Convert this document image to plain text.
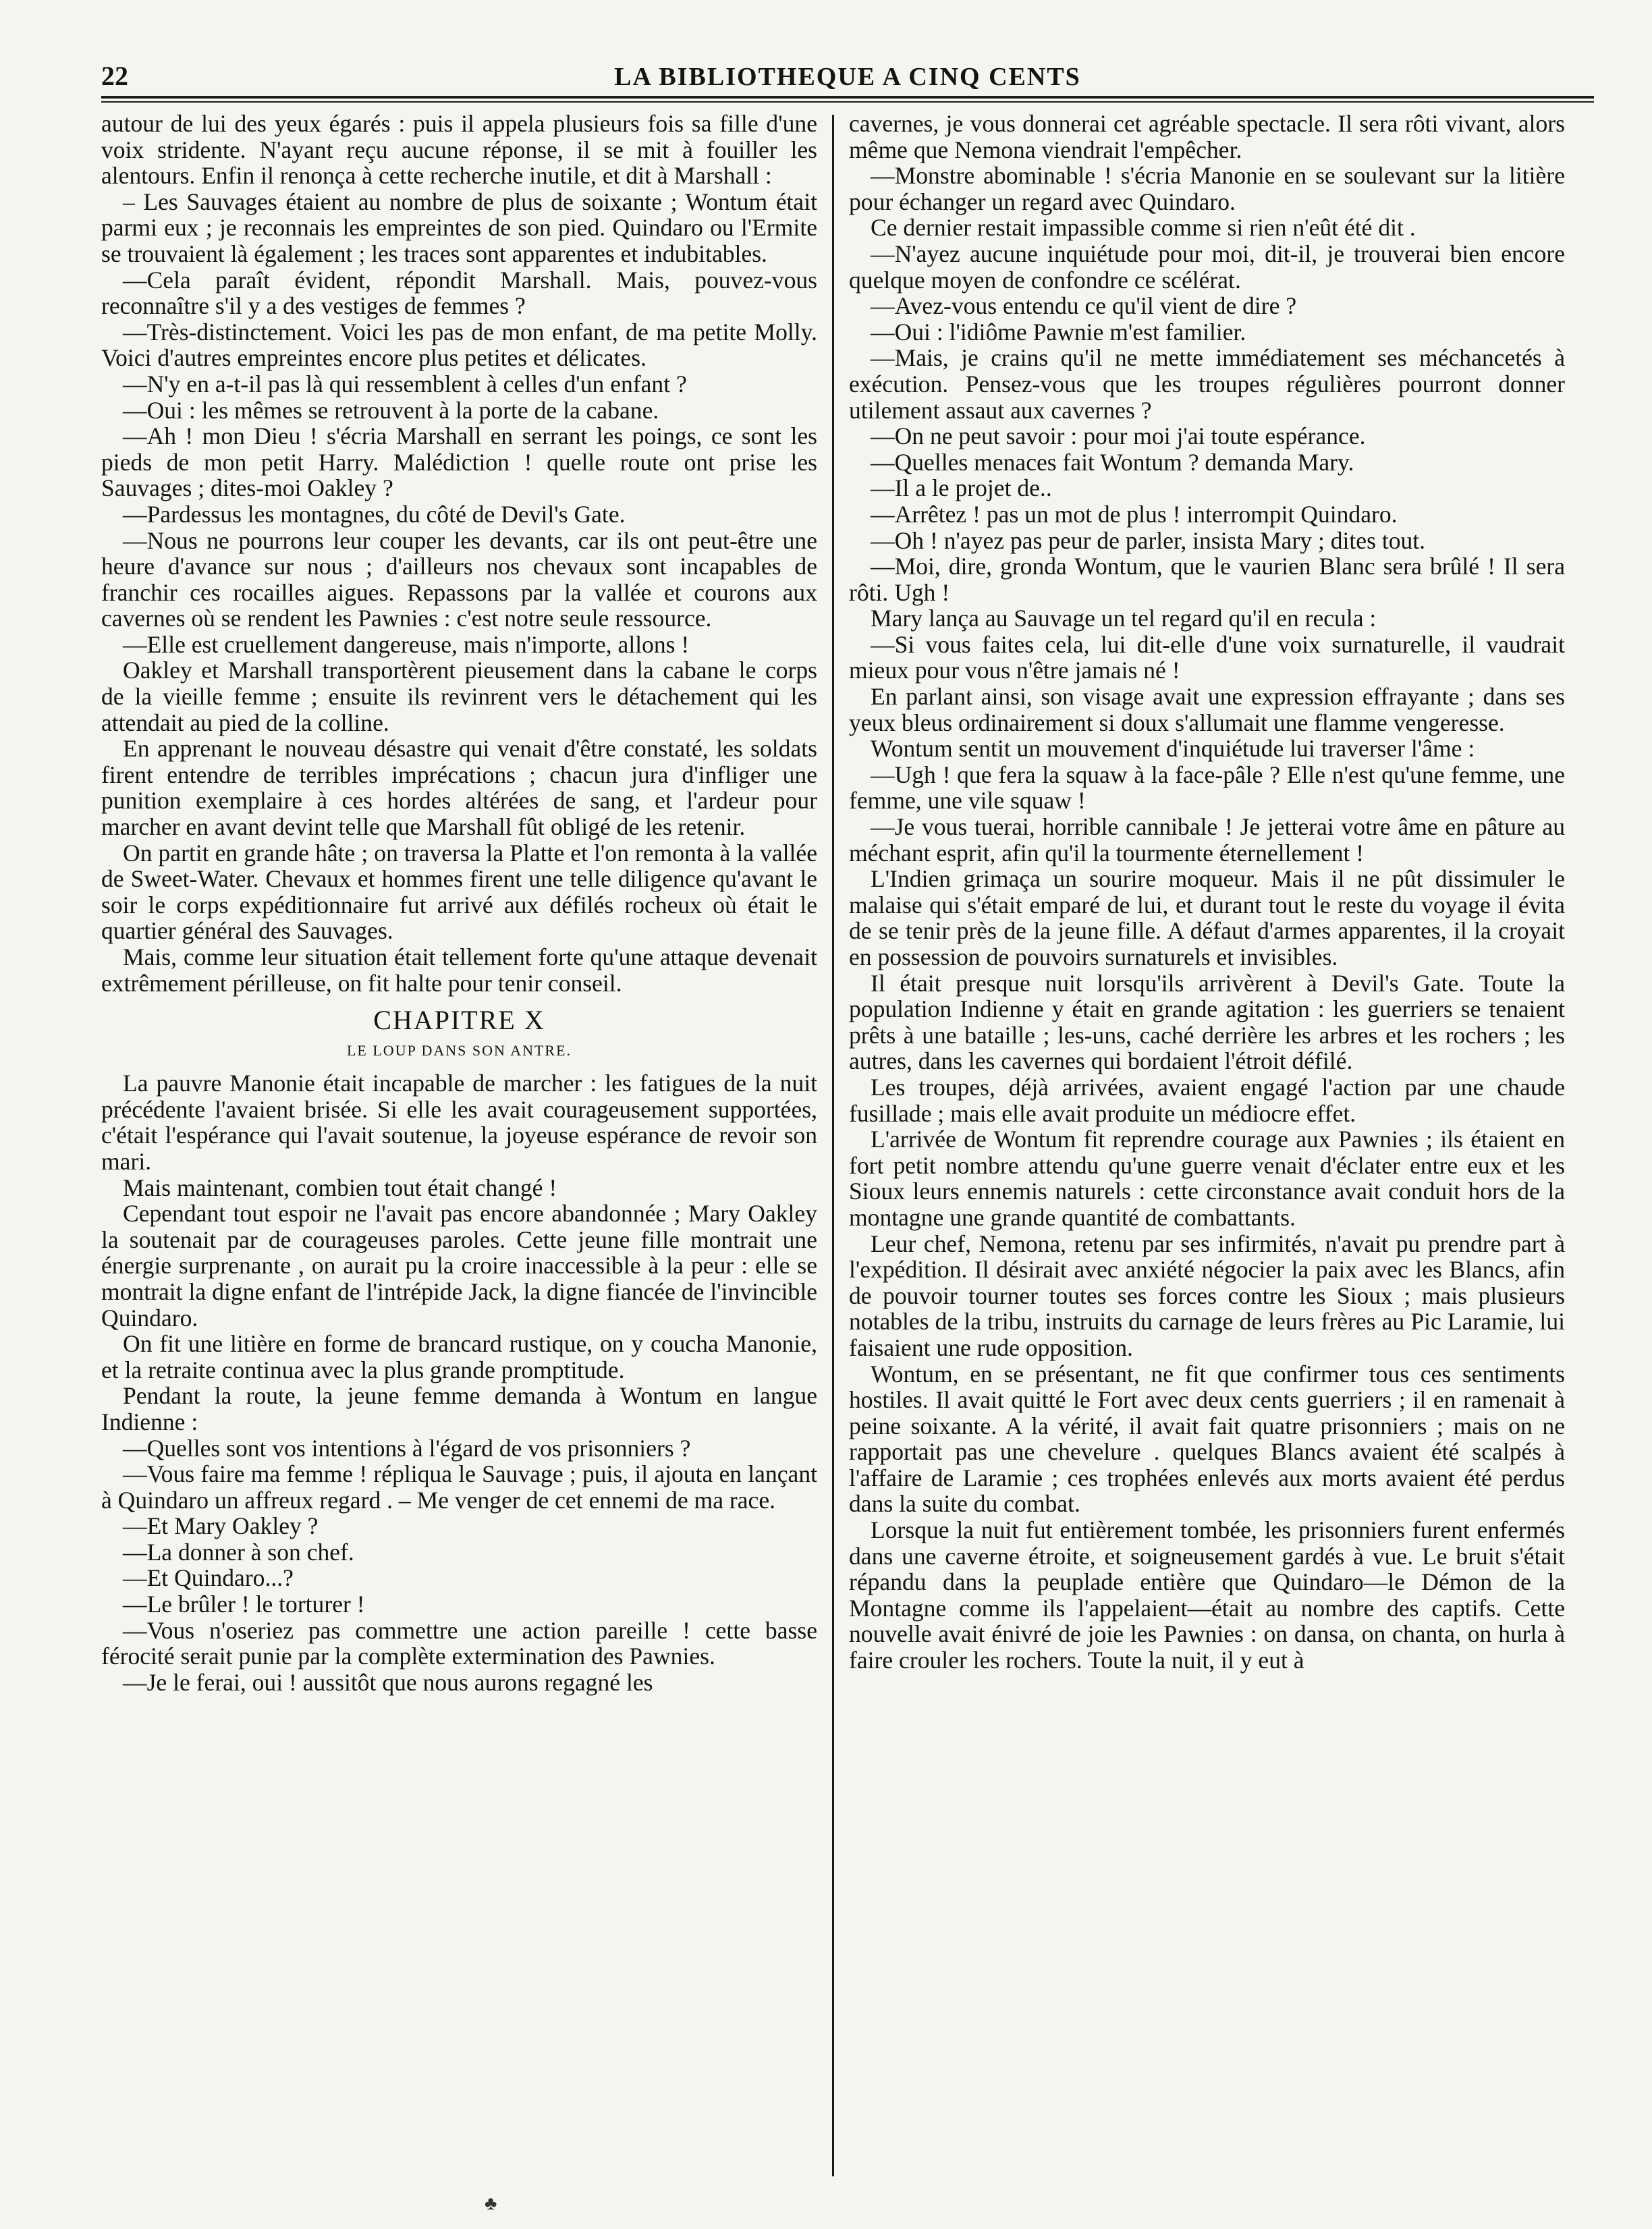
22	LA BIBLIOTHEQUE A CINQ CENTS

autour de lui des yeux égarés : puis il appela plusieurs fois sa fille d'une voix stridente. N'ayant reçu aucune réponse, il se mit à fouiller les alentours. Enfin il renonça à cette recherche inutile, et dit à Marshall :

– Les Sauvages étaient au nombre de plus de soixante ; Wontum était parmi eux ; je reconnais les empreintes de son pied. Quindaro ou l'Ermite se trouvaient là également ; les traces sont apparentes et indubitables.

—Cela paraît évident, répondit Marshall. Mais, pouvez-vous reconnaître s'il y a des vestiges de femmes ?

—Très-distinctement. Voici les pas de mon enfant, de ma petite Molly. Voici d'autres empreintes encore plus petites et délicates.

—N'y en a-t-il pas là qui ressemblent à celles d'un enfant ?

—Oui : les mêmes se retrouvent à la porte de la cabane.

—Ah ! mon Dieu ! s'écria Marshall en serrant les poings, ce sont les pieds de mon petit Harry. Malédiction ! quelle route ont prise les Sauvages ; dites-moi Oakley ?

—Pardessus les montagnes, du côté de Devil's Gate.

—Nous ne pourrons leur couper les devants, car ils ont peut-être une heure d'avance sur nous ; d'ailleurs nos chevaux sont incapables de franchir ces rocailles aigues. Repassons par la vallée et courons aux cavernes où se rendent les Pawnies : c'est notre seule ressource.

—Elle est cruellement dangereuse, mais n'importe, allons !

Oakley et Marshall transportèrent pieusement dans la cabane le corps de la vieille femme ; ensuite ils revinrent vers le détachement qui les attendait au pied de la colline.

En apprenant le nouveau désastre qui venait d'être constaté, les soldats firent entendre de terribles imprécations ; chacun jura d'infliger une punition exemplaire à ces hordes altérées de sang, et l'ardeur pour marcher en avant devint telle que Marshall fût obligé de les retenir.

On partit en grande hâte ; on traversa la Platte et l'on remonta à la vallée de Sweet-Water. Chevaux et hommes firent une telle diligence qu'avant le soir le corps expéditionnaire fut arrivé aux défilés rocheux où était le quartier général des Sauvages.

Mais, comme leur situation était tellement forte qu'une attaque devenait extrêmement périlleuse, on fit halte pour tenir conseil.

CHAPITRE X
LE LOUP DANS SON ANTRE.

La pauvre Manonie était incapable de marcher : les fatigues de la nuit précédente l'avaient brisée. Si elle les avait courageusement supportées, c'était l'espérance qui l'avait soutenue, la joyeuse espérance de revoir son mari.

Mais maintenant, combien tout était changé !

Cependant tout espoir ne l'avait pas encore abandonnée ; Mary Oakley la soutenait par de courageuses paroles. Cette jeune fille montrait une énergie surprenante , on aurait pu la croire inaccessible à la peur : elle se montrait la digne enfant de l'intrépide Jack, la digne fiancée de l'invincible Quindaro.

On fit une litière en forme de brancard rustique, on y coucha Manonie, et la retraite continua avec la plus grande promptitude.

Pendant la route, la jeune femme demanda à Wontum en langue Indienne :

—Quelles sont vos intentions à l'égard de vos prisonniers ?

—Vous faire ma femme ! répliqua le Sauvage ; puis, il ajouta en lançant à Quindaro un affreux regard . – Me venger de cet ennemi de ma race.

—Et Mary Oakley ?

—La donner à son chef.

—Et Quindaro...?

—Le brûler ! le torturer !

—Vous n'oseriez pas commettre une action pareille ! cette basse férocité serait punie par la complète extermination des Pawnies.

—Je le ferai, oui ! aussitôt que nous aurons regagné les

cavernes, je vous donnerai cet agréable spectacle. Il sera rôti vivant, alors même que Nemona viendrait l'empêcher.

—Monstre abominable ! s'écria Manonie en se soulevant sur la litière pour échanger un regard avec Quindaro.

Ce dernier restait impassible comme si rien n'eût été dit .

—N'ayez aucune inquiétude pour moi, dit-il, je trouverai bien encore quelque moyen de confondre ce scélérat.

—Avez-vous entendu ce qu'il vient de dire ?

—Oui : l'idiôme Pawnie m'est familier.

—Mais, je crains qu'il ne mette immédiatement ses méchancetés à exécution. Pensez-vous que les troupes régulières pourront donner utilement assaut aux cavernes ?

—On ne peut savoir : pour moi j'ai toute espérance.

—Quelles menaces fait Wontum ? demanda Mary.

—Il a le projet de..

—Arrêtez ! pas un mot de plus ! interrompit Quindaro.

—Oh ! n'ayez pas peur de parler, insista Mary ; dites tout.

—Moi, dire, gronda Wontum, que le vaurien Blanc sera brûlé ! Il sera rôti. Ugh !

Mary lança au Sauvage un tel regard qu'il en recula :

—Si vous faites cela, lui dit-elle d'une voix surnaturelle, il vaudrait mieux pour vous n'être jamais né !

En parlant ainsi, son visage avait une expression effrayante ; dans ses yeux bleus ordinairement si doux s'allumait une flamme vengeresse.

Wontum sentit un mouvement d'inquiétude lui traverser l'âme :

—Ugh ! que fera la squaw à la face-pâle ? Elle n'est qu'une femme, une femme, une vile squaw !

—Je vous tuerai, horrible cannibale ! Je jetterai votre âme en pâture au méchant esprit, afin qu'il la tourmente éternellement !

L'Indien grimaça un sourire moqueur. Mais il ne pût dissimuler le malaise qui s'était emparé de lui, et durant tout le reste du voyage il évita de se tenir près de la jeune fille. A défaut d'armes apparentes, il la croyait en possession de pouvoirs surnaturels et invisibles.

Il était presque nuit lorsqu'ils arrivèrent à Devil's Gate. Toute la population Indienne y était en grande agitation : les guerriers se tenaient prêts à une bataille ; les-uns, caché derrière les arbres et les rochers ; les autres, dans les cavernes qui bordaient l'étroit défilé.

Les troupes, déjà arrivées, avaient engagé l'action par une chaude fusillade ; mais elle avait produite un médiocre effet.

L'arrivée de Wontum fit reprendre courage aux Pawnies ; ils étaient en fort petit nombre attendu qu'une guerre venait d'éclater entre eux et les Sioux leurs ennemis naturels : cette circonstance avait conduit hors de la montagne une grande quantité de combattants.

Leur chef, Nemona, retenu par ses infirmités, n'avait pu prendre part à l'expédition. Il désirait avec anxiété négocier la paix avec les Blancs, afin de pouvoir tourner toutes ses forces contre les Sioux ; mais plusieurs notables de la tribu, instruits du carnage de leurs frères au Pic Laramie, lui faisaient une rude opposition.

Wontum, en se présentant, ne fit que confirmer tous ces sentiments hostiles. Il avait quitté le Fort avec deux cents guerriers ; il en ramenait à peine soixante. A la vérité, il avait fait quatre prisonniers ; mais on ne rapportait pas une chevelure . quelques Blancs avaient été scalpés à l'affaire de Laramie ; ces trophées enlevés aux morts avaient été perdus dans la suite du combat.

Lorsque la nuit fut entièrement tombée, les prisonniers furent enfermés dans une caverne étroite, et soigneusement gardés à vue. Le bruit s'était répandu dans la peuplade entière que Quindaro—le Démon de la Montagne comme ils l'appelaient—était au nombre des captifs. Cette nouvelle avait énivré de joie les Pawnies : on dansa, on chanta, on hurla à faire crouler les rochers. Toute la nuit, il y eut à

♣
